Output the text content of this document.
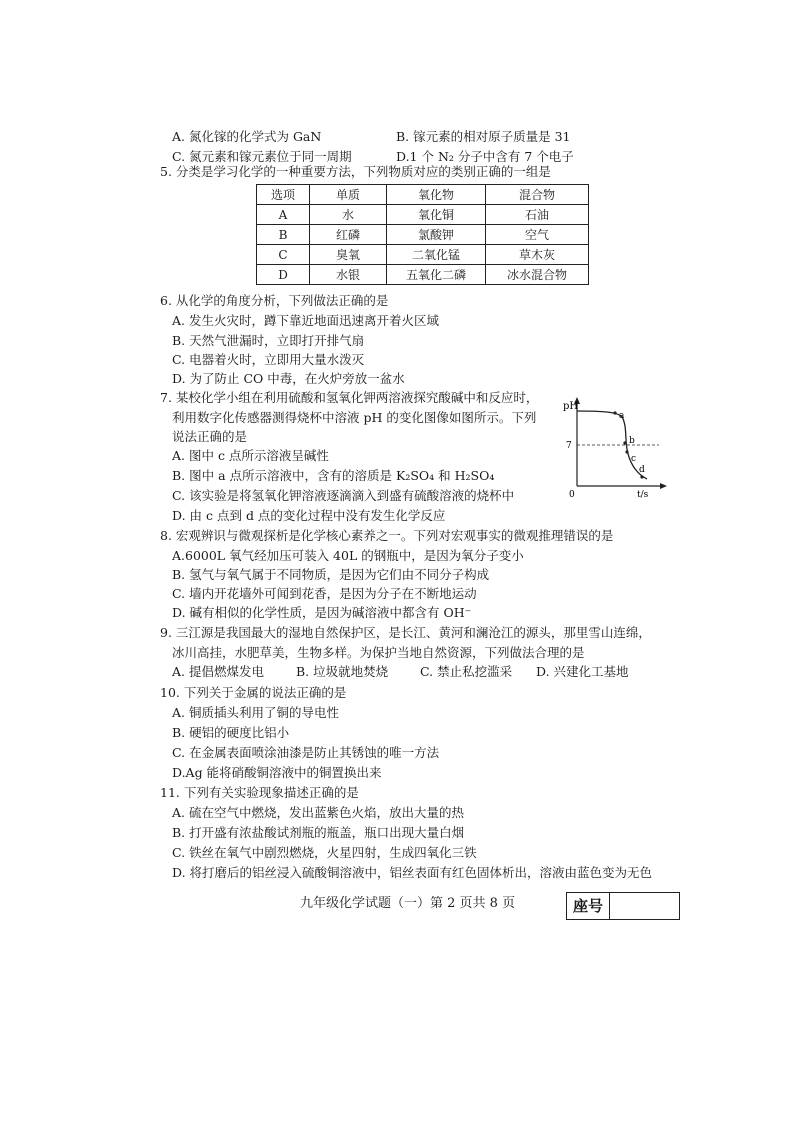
A. 氮化镓的化学式为 GaN	B. 镓元素的相对原子质量是 31
C. 氮元素和镓元素位于同一周期	D.1 个 N₂ 分子中含有 7 个电子
5. 分类是学习化学的一种重要方法，下列物质对应的类别正确的一组是
选项	单质	氧化物	混合物
A	水	氧化铜	石油
B	红磷	氯酸钾	空气
C	臭氧	二氧化锰	草木灰
D	水银	五氧化二磷	冰水混合物
6. 从化学的角度分析，下列做法正确的是
A. 发生火灾时，蹲下靠近地面迅速离开着火区域
B. 天然气泄漏时，立即打开排气扇
C. 电器着火时，立即用大量水泼灭
D. 为了防止 CO 中毒，在火炉旁放一盆水
7. 某校化学小组在利用硫酸和氢氧化钾两溶液探究酸碱中和反应时，
利用数字化传感器测得烧杯中溶液 pH 的变化图像如图所示。下列
说法正确的是
A. 图中 c 点所示溶液呈碱性
B. 图中 a 点所示溶液中，含有的溶质是 K₂SO₄ 和 H₂SO₄
C. 该实验是将氢氧化钾溶液逐滴滴入到盛有硫酸溶液的烧杯中
D. 由 c 点到 d 点的变化过程中没有发生化学反应
pH
t/s
0
7
a
b
c
d
8. 宏观辨识与微观探析是化学核心素养之一。下列对宏观事实的微观推理错误的是
A.6000L 氧气经加压可装入 40L 的钢瓶中，是因为氧分子变小
B. 氢气与氧气属于不同物质，是因为它们由不同分子构成
C. 墙内开花墙外可闻到花香，是因为分子在不断地运动
D. 碱有相似的化学性质，是因为碱溶液中都含有 OH⁻
9. 三江源是我国最大的湿地自然保护区，是长江、黄河和澜沧江的源头，那里雪山连绵，
冰川高挂，水肥草美，生物多样。为保护当地自然资源，下列做法合理的是
A. 提倡燃煤发电	B. 垃圾就地焚烧	C. 禁止私挖滥采 D. 兴建化工基地
10. 下列关于金属的说法正确的是
A. 铜质插头利用了铜的导电性
B. 硬铝的硬度比铝小
C. 在金属表面喷涂油漆是防止其锈蚀的唯一方法
D.Ag 能将硝酸铜溶液中的铜置换出来
11. 下列有关实验现象描述正确的是
A. 硫在空气中燃烧，发出蓝紫色火焰，放出大量的热
B. 打开盛有浓盐酸试剂瓶的瓶盖，瓶口出现大量白烟
C. 铁丝在氧气中剧烈燃烧，火星四射，生成四氧化三铁
D. 将打磨后的铝丝浸入硫酸铜溶液中，铝丝表面有红色固体析出，溶液由蓝色变为无色
九年级化学试题（一）第 2 页共 8 页	座号
